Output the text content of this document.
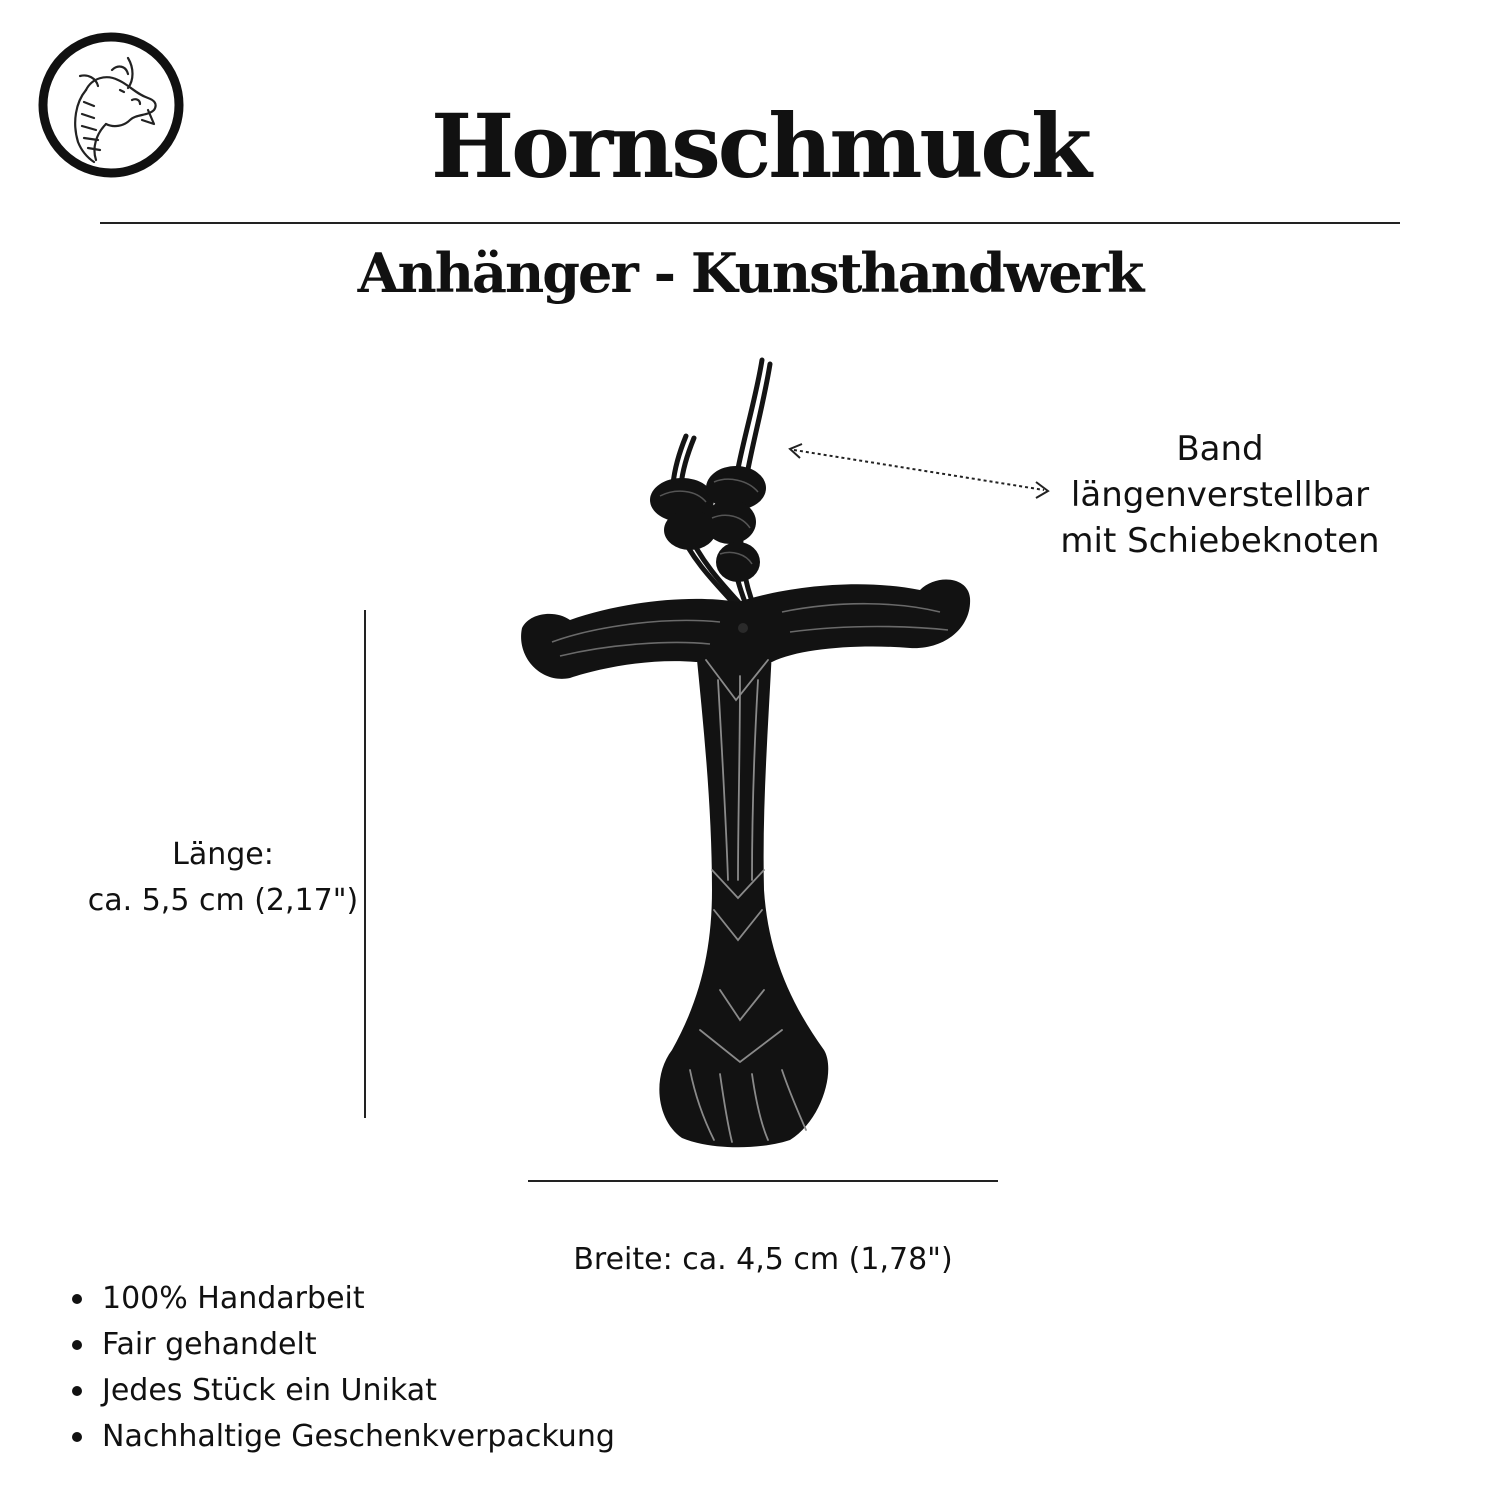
Hornschmuck
Anhänger - Kunsthandwerk
Band
längenverstellbar
mit Schiebeknoten
Länge:
ca. 5,5 cm (2,17")
Breite: ca. 4,5 cm (1,78")
100% Handarbeit
Fair gehandelt
Jedes Stück ein Unikat
Nachhaltige Geschenkverpackung
